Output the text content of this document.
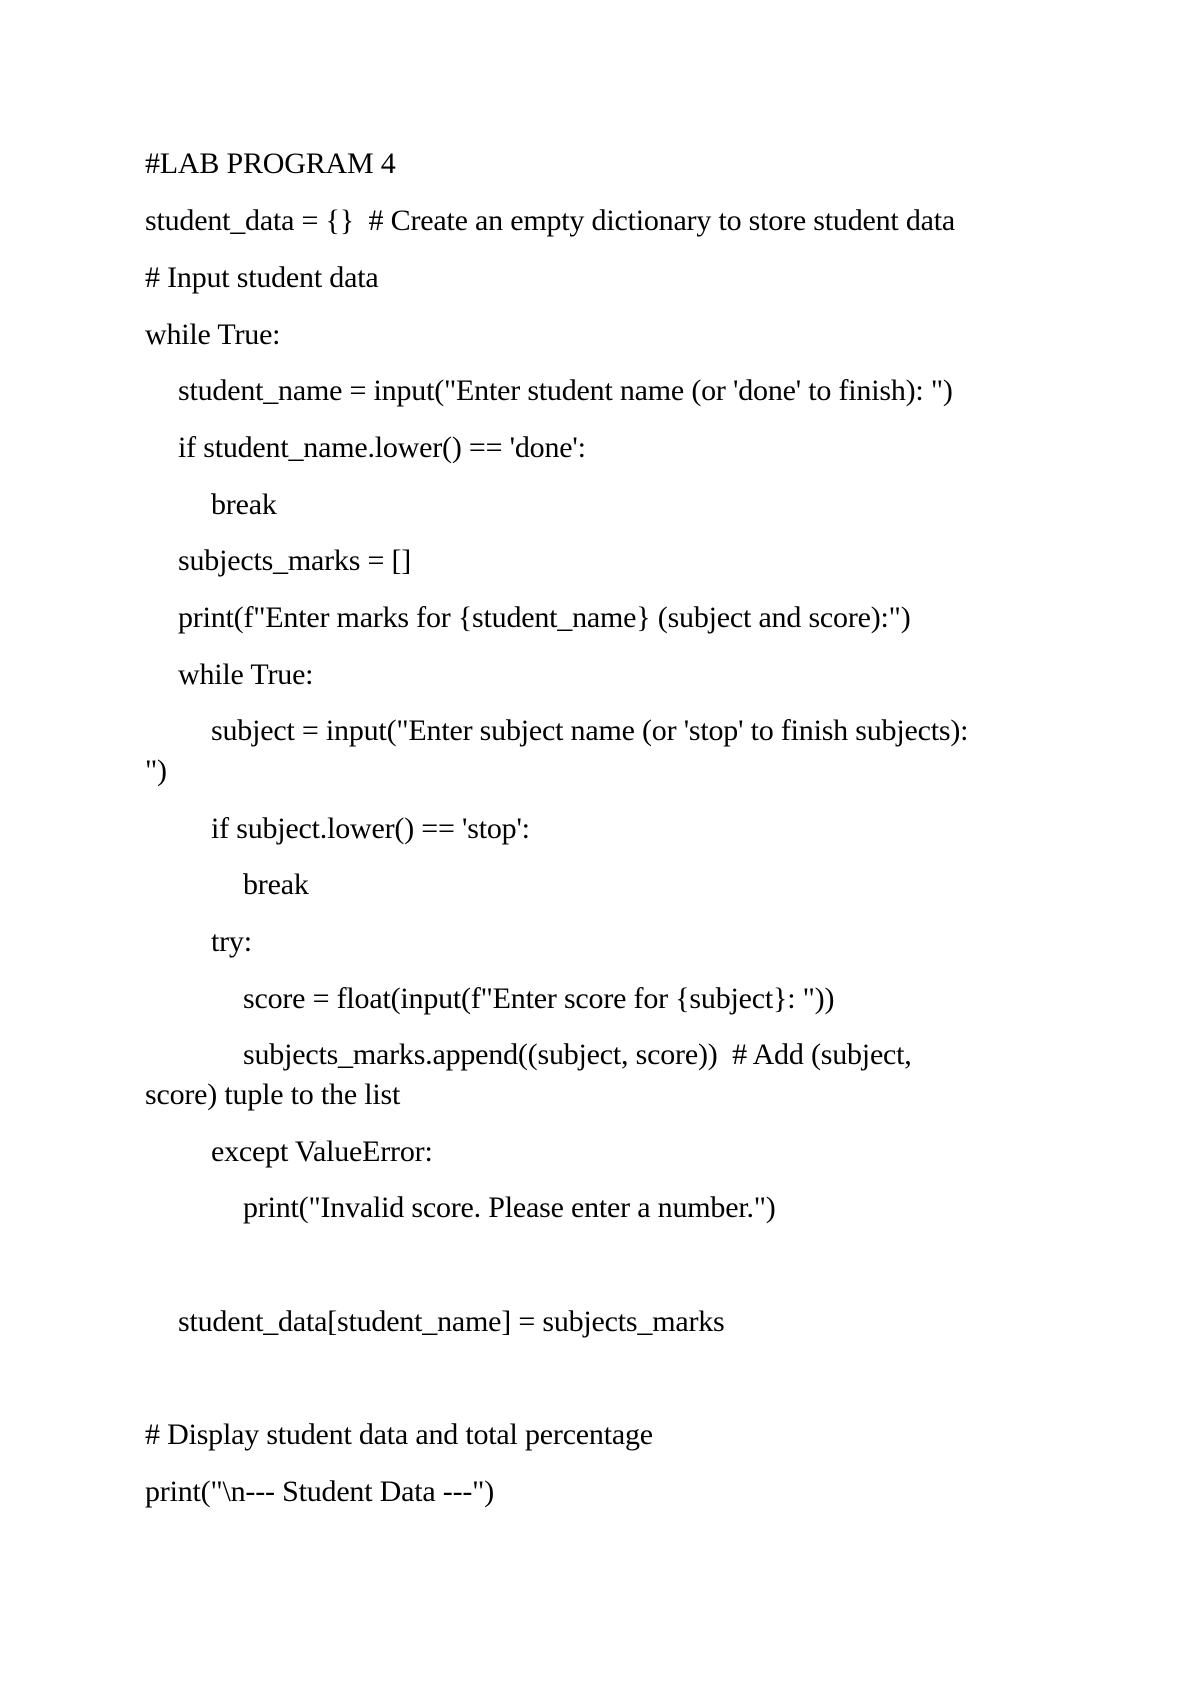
#LAB PROGRAM 4
student_data = {}  # Create an empty dictionary to store student data
# Input student data
while True:
student_name = input("Enter student name (or 'done' to finish): ")
if student_name.lower() == 'done':
break
subjects_marks = []
print(f"Enter marks for {student_name} (subject and score):")
while True:
subject = input("Enter subject name (or 'stop' to finish subjects):
")
if subject.lower() == 'stop':
break
try:
score = float(input(f"Enter score for {subject}: "))
subjects_marks.append((subject, score))  # Add (subject,
score) tuple to the list
except ValueError:
print("Invalid score. Please enter a number.")
student_data[student_name] = subjects_marks
# Display student data and total percentage
print("\n--- Student Data ---")
